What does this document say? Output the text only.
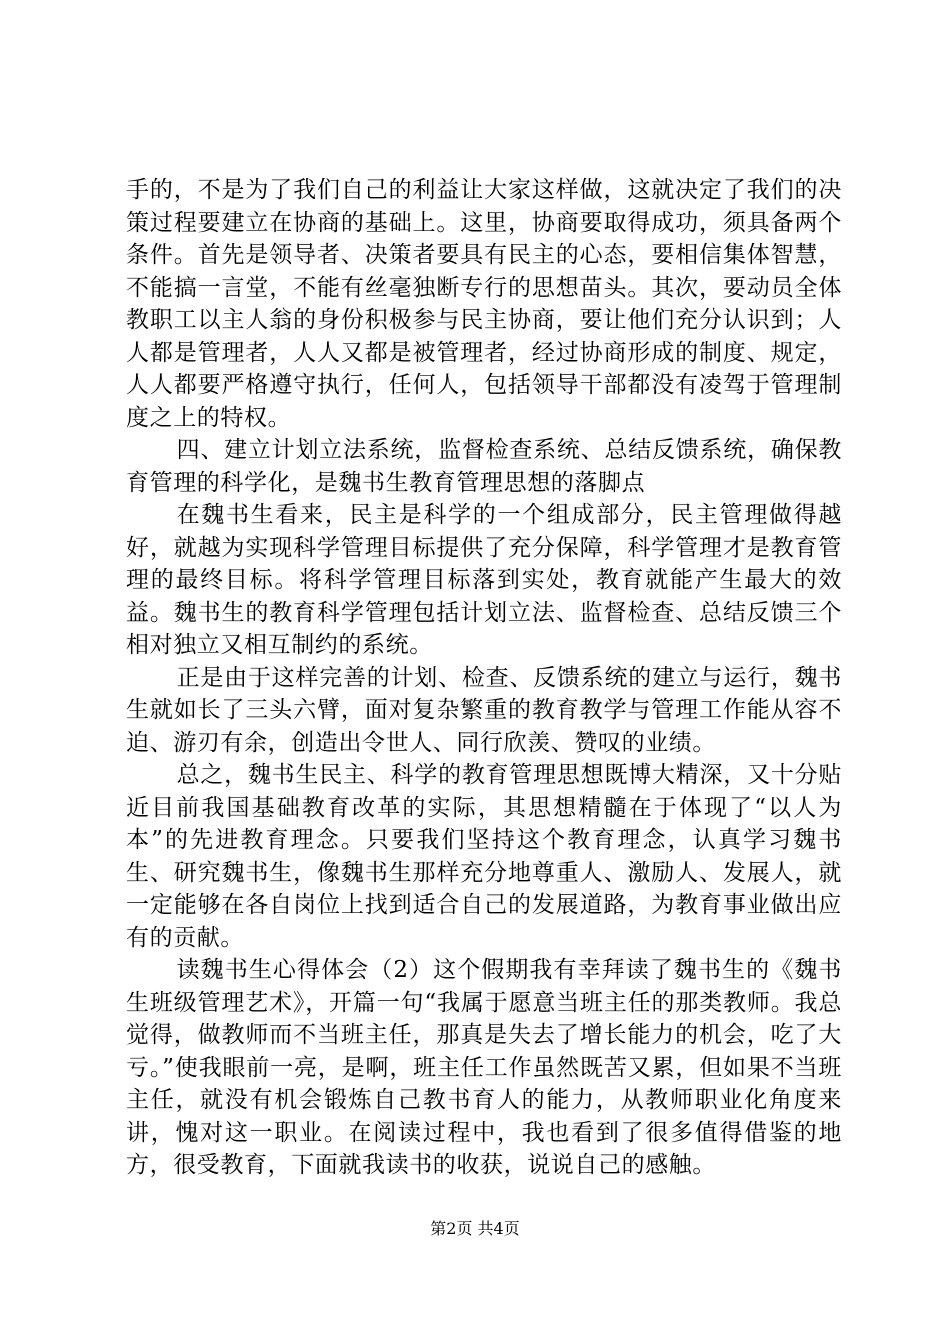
手的，不是为了我们自己的利益让大家这样做，这就决定了我们的决策过程要建立在协商的基础上。这里，协商要取得成功，须具备两个条件。首先是领导者、决策者要具有民主的心态，要相信集体智慧，不能搞一言堂，不能有丝毫独断专行的思想苗头。其次，要动员全体教职工以主人翁的身份积极参与民主协商，要让他们充分认识到；人人都是管理者，人人又都是被管理者，经过协商形成的制度、规定，人人都要严格遵守执行，任何人，包括领导干部都没有凌驾于管理制度之上的特权。

四、建立计划立法系统，监督检查系统、总结反馈系统，确保教育管理的科学化，是魏书生教育管理思想的落脚点

在魏书生看来，民主是科学的一个组成部分，民主管理做得越好，就越为实现科学管理目标提供了充分保障，科学管理才是教育管理的最终目标。将科学管理目标落到实处，教育就能产生最大的效益。魏书生的教育科学管理包括计划立法、监督检查、总结反馈三个相对独立又相互制约的系统。

正是由于这样完善的计划、检查、反馈系统的建立与运行，魏书生就如长了三头六臂，面对复杂繁重的教育教学与管理工作能从容不迫、游刃有余，创造出令世人、同行欣羡、赞叹的业绩。

总之，魏书生民主、科学的教育管理思想既博大精深，又十分贴近目前我国基础教育改革的实际，其思想精髓在于体现了“以人为本”的先进教育理念。只要我们坚持这个教育理念，认真学习魏书生、研究魏书生，像魏书生那样充分地尊重人、激励人、发展人，就一定能够在各自岗位上找到适合自己的发展道路，为教育事业做出应有的贡献。

读魏书生心得体会（2）这个假期我有幸拜读了魏书生的《魏书生班级管理艺术》，开篇一句“我属于愿意当班主任的那类教师。我总觉得，做教师而不当班主任，那真是失去了增长能力的机会，吃了大亏。”使我眼前一亮，是啊，班主任工作虽然既苦又累，但如果不当班主任，就没有机会锻炼自己教书育人的能力，从教师职业化角度来讲，愧对这一职业。在阅读过程中，我也看到了很多值得借鉴的地方，很受教育，下面就我读书的收获，说说自己的感触。

第2页 共4页
